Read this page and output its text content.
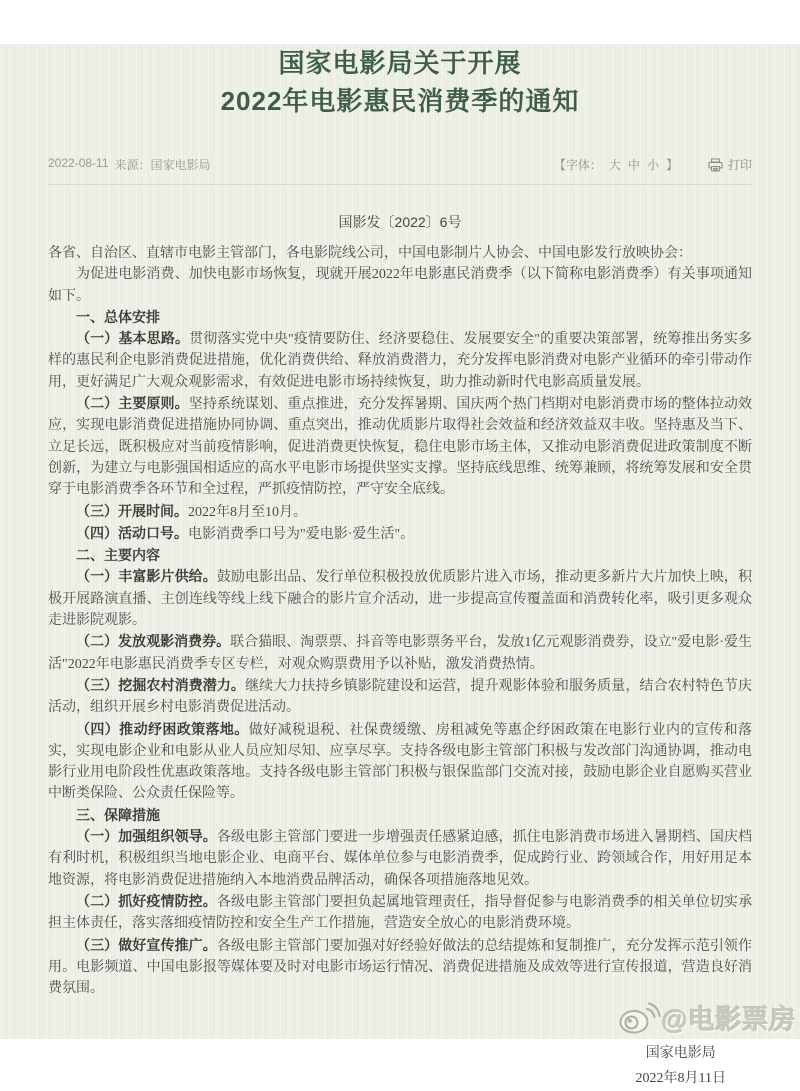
国家电影局关于开展
2022年电影惠民消费季的通知
2022-08-11 来源：国家电影局	【字体： 大 中 小 】	打印
国影发〔2022〕6号
各省、自治区、直辖市电影主管部门，各电影院线公司，中国电影制片人协会、中国电影发行放映协会：
为促进电影消费、加快电影市场恢复，现就开展2022年电影惠民消费季（以下简称电影消费季）有关事项通知如下。
一、总体安排
（一）基本思路。贯彻落实党中央"疫情要防住、经济要稳住、发展要安全"的重要决策部署，统筹推出务实多样的惠民利企电影消费促进措施，优化消费供给、释放消费潜力，充分发挥电影消费对电影产业循环的牵引带动作用，更好满足广大观众观影需求，有效促进电影市场持续恢复，助力推动新时代电影高质量发展。
（二）主要原则。坚持系统谋划、重点推进，充分发挥暑期、国庆两个热门档期对电影消费市场的整体拉动效应，实现电影消费促进措施协同协调、重点突出，推动优质影片取得社会效益和经济效益双丰收。坚持惠及当下、立足长远，既积极应对当前疫情影响，促进消费更快恢复，稳住电影市场主体，又推动电影消费促进政策制度不断创新，为建立与电影强国相适应的高水平电影市场提供坚实支撑。坚持底线思维、统筹兼顾，将统筹发展和安全贯穿于电影消费季各环节和全过程，严抓疫情防控，严守安全底线。
（三）开展时间。2022年8月至10月。
（四）活动口号。电影消费季口号为"爱电影·爱生活"。
二、主要内容
（一）丰富影片供给。鼓励电影出品、发行单位积极投放优质影片进入市场，推动更多新片大片加快上映，积极开展路演直播、主创连线等线上线下融合的影片宣介活动，进一步提高宣传覆盖面和消费转化率，吸引更多观众走进影院观影。
（二）发放观影消费券。联合猫眼、淘票票、抖音等电影票务平台，发放1亿元观影消费券，设立"爱电影·爱生活"2022年电影惠民消费季专区专栏，对观众购票费用予以补贴，激发消费热情。
（三）挖掘农村消费潜力。继续大力扶持乡镇影院建设和运营，提升观影体验和服务质量，结合农村特色节庆活动，组织开展乡村电影消费促进活动。
（四）推动纾困政策落地。做好减税退税、社保费缓缴、房租减免等惠企纾困政策在电影行业内的宣传和落实，实现电影企业和电影从业人员应知尽知、应享尽享。支持各级电影主管部门积极与发改部门沟通协调，推动电影行业用电阶段性优惠政策落地。支持各级电影主管部门积极与银保监部门交流对接，鼓励电影企业自愿购买营业中断类保险、公众责任保险等。
三、保障措施
（一）加强组织领导。各级电影主管部门要进一步增强责任感紧迫感，抓住电影消费市场进入暑期档、国庆档有利时机，积极组织当地电影企业、电商平台、媒体单位参与电影消费季，促成跨行业、跨领域合作，用好用足本地资源，将电影消费促进措施纳入本地消费品牌活动，确保各项措施落地见效。
（二）抓好疫情防控。各级电影主管部门要担负起属地管理责任，指导督促参与电影消费季的相关单位切实承担主体责任，落实落细疫情防控和安全生产工作措施，营造安全放心的电影消费环境。
（三）做好宣传推广。各级电影主管部门要加强对好经验好做法的总结提炼和复制推广，充分发挥示范引领作用。电影频道、中国电影报等媒体要及时对电影市场运行情况、消费促进措施及成效等进行宣传报道，营造良好消费氛围。
国家电影局
2022年8月11日
@电影票房
